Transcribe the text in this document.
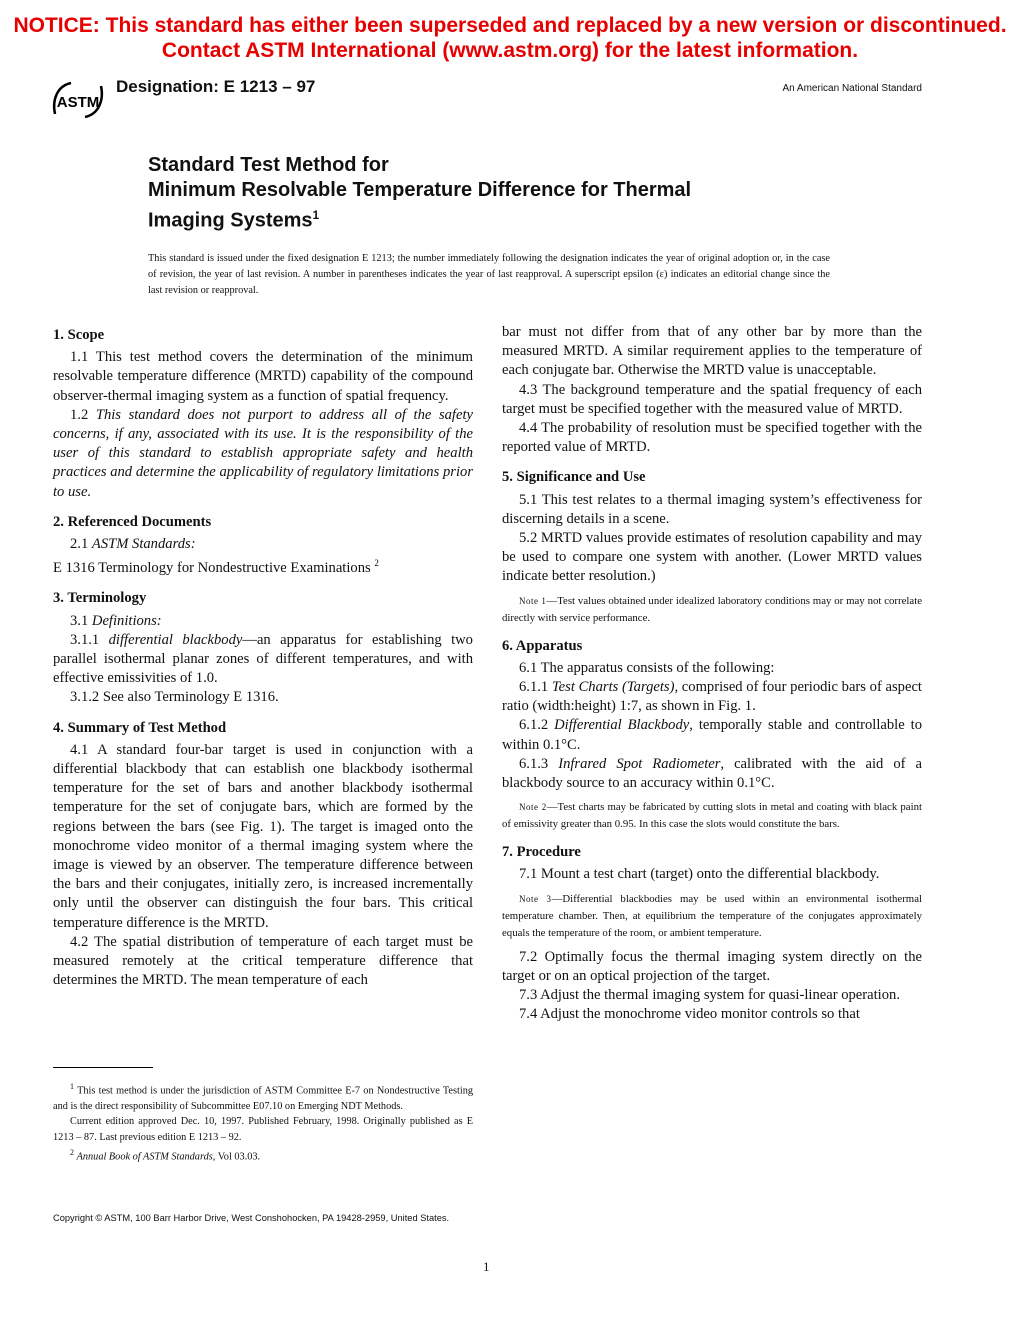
NOTICE: This standard has either been superseded and replaced by a new version or discontinued.
Contact ASTM International (www.astm.org) for the latest information.
ASTM
Designation: E 1213 – 97	An American National Standard
Standard Test Method for
Minimum Resolvable Temperature Difference for Thermal
Imaging Systems$^1$
This standard is issued under the fixed designation E 1213; the number immediately following the designation indicates the year of original adoption or, in the case of revision, the year of last revision. A number in parentheses indicates the year of last reapproval. A superscript epsilon (ε) indicates an editorial change since the last revision or reapproval.

1. Scope

1.1 This test method covers the determination of the minimum resolvable temperature difference (MRTD) capability of the compound observer-thermal imaging system as a function of spatial frequency.

1.2 This standard does not purport to address all of the safety concerns, if any, associated with its use. It is the responsibility of the user of this standard to establish appropriate safety and health practices and determine the applicability of regulatory limitations prior to use.

2. Referenced Documents

2.1 ASTM Standards:

E 1316 Terminology for Nondestructive Examinations $^2$

3. Terminology

3.1 Definitions:

3.1.1 differential blackbody—an apparatus for establishing two parallel isothermal planar zones of different temperatures, and with effective emissivities of 1.0.

3.1.2 See also Terminology E 1316.

4. Summary of Test Method

4.1 A standard four-bar target is used in conjunction with a differential blackbody that can establish one blackbody isothermal temperature for the set of bars and another blackbody isothermal temperature for the set of conjugate bars, which are formed by the regions between the bars (see Fig. 1). The target is imaged onto the monochrome video monitor of a thermal imaging system where the image is viewed by an observer. The temperature difference between the bars and their conjugates, initially zero, is increased incrementally only until the observer can distinguish the four bars. This critical temperature difference is the MRTD.

4.2 The spatial distribution of temperature of each target must be measured remotely at the critical temperature difference that determines the MRTD. The mean temperature of each

bar must not differ from that of any other bar by more than the measured MRTD. A similar requirement applies to the temperature of each conjugate bar. Otherwise the MRTD value is unacceptable.

4.3 The background temperature and the spatial frequency of each target must be specified together with the measured value of MRTD.

4.4 The probability of resolution must be specified together with the reported value of MRTD.

5. Significance and Use

5.1 This test relates to a thermal imaging system’s effectiveness for discerning details in a scene.

5.2 MRTD values provide estimates of resolution capability and may be used to compare one system with another. (Lower MRTD values indicate better resolution.)

Note 1—Test values obtained under idealized laboratory conditions may or may not correlate directly with service performance.

6. Apparatus

6.1 The apparatus consists of the following:

6.1.1 Test Charts (Targets), comprised of four periodic bars of aspect ratio (width:height) 1:7, as shown in Fig. 1.

6.1.2 Differential Blackbody, temporally stable and controllable to within 0.1°C.

6.1.3 Infrared Spot Radiometer, calibrated with the aid of a blackbody source to an accuracy within 0.1°C.

Note 2—Test charts may be fabricated by cutting slots in metal and coating with black paint of emissivity greater than 0.95. In this case the slots would constitute the bars.

7. Procedure

7.1 Mount a test chart (target) onto the differential blackbody.

Note 3—Differential blackbodies may be used within an environmental isothermal temperature chamber. Then, at equilibrium the temperature of the conjugates approximately equals the temperature of the room, or ambient temperature.

7.2 Optimally focus the thermal imaging system directly on the target or on an optical projection of the target.

7.3 Adjust the thermal imaging system for quasi-linear operation.

7.4 Adjust the monochrome video monitor controls so that

$^1$ This test method is under the jurisdiction of ASTM Committee E-7 on Nondestructive Testing and is the direct responsibility of Subcommittee E07.10 on Emerging NDT Methods.

Current edition approved Dec. 10, 1997. Published February, 1998. Originally published as E 1213 – 87. Last previous edition E 1213 – 92.

$^2$ Annual Book of ASTM Standards, Vol 03.03.

Copyright © ASTM, 100 Barr Harbor Drive, West Conshohocken, PA 19428-2959, United States.
1
